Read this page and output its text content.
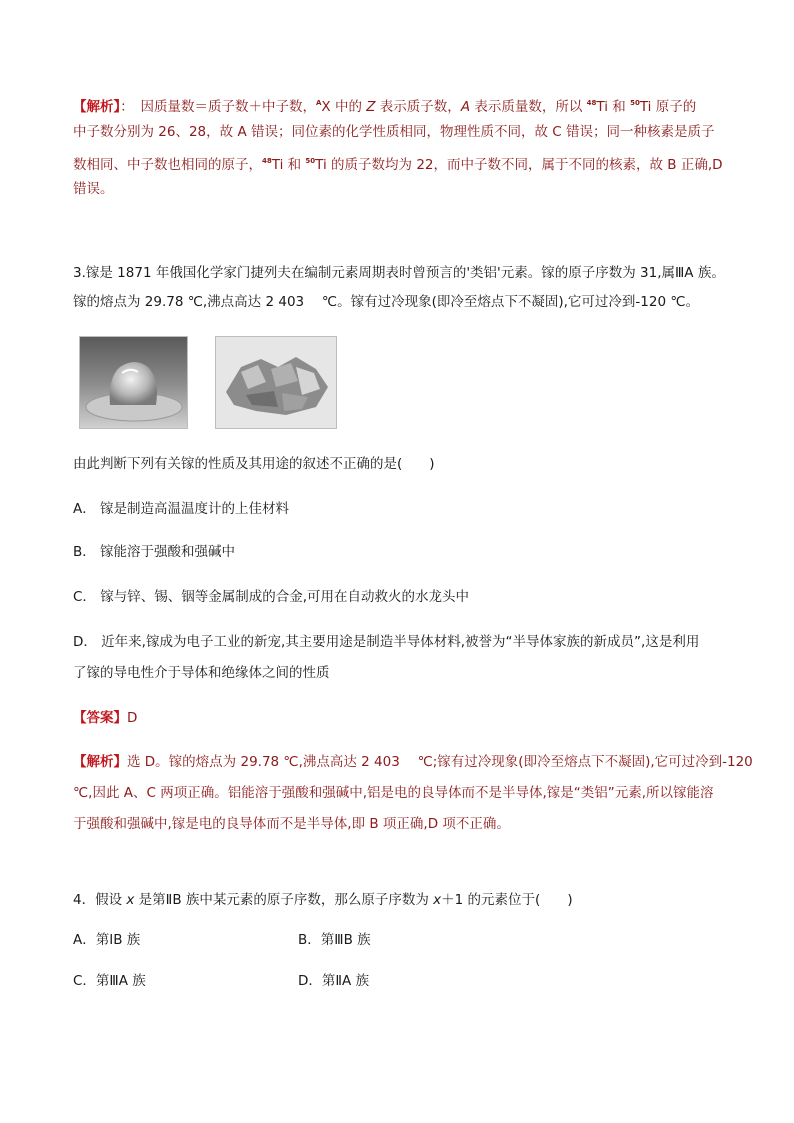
【解析】：　因质量数＝质子数＋中子数，$^A$X 中的 Z 表示质子数，A 表示质量数，所以 $^{48}$Ti 和 $^{50}$Ti 原子的
中子数分别为 26、28，故 A 错误；同位素的化学性质相同，物理性质不同，故 C 错误；同一种核素是质子
数相同、中子数也相同的原子，$^{48}$Ti 和 $^{50}$Ti 的质子数均为 22，而中子数不同，属于不同的核素，故 B 正确,D
错误。
3.镓是 1871 年俄国化学家门捷列夫在编制元素周期表时曾预言的'类铝'元素。镓的原子序数为 31,属ⅢA 族。
镓的熔点为 29.78 ℃,沸点高达 2 403　 ℃。镓有过冷现象(即冷至熔点下不凝固),它可过冷到-120 ℃。
由此判断下列有关镓的性质及其用途的叙述不正确的是(　　)
A． 镓是制造高温温度计的上佳材料
B． 镓能溶于强酸和强碱中
C． 镓与锌、锡、铟等金属制成的合金,可用在自动救火的水龙头中
D． 近年来,镓成为电子工业的新宠,其主要用途是制造半导体材料,被誉为“半导体家族的新成员”,这是利用
了镓的导电性介于导体和绝缘体之间的性质
【答案】D
【解析】选 D。镓的熔点为 29.78 ℃,沸点高达 2 403　 ℃;镓有过冷现象(即冷至熔点下不凝固),它可过冷到-120
℃,因此 A、C 两项正确。铝能溶于强酸和强碱中,铝是电的良导体而不是半导体,镓是“类铝”元素,所以镓能溶
于强酸和强碱中,镓是电的良导体而不是半导体,即 B 项正确,D 项不正确。
4．假设 x 是第ⅡB 族中某元素的原子序数，那么原子序数为 x＋1 的元素位于(　　)
A．第ⅠB 族	B．第ⅢB 族
C．第ⅢA 族	D．第ⅡA 族
